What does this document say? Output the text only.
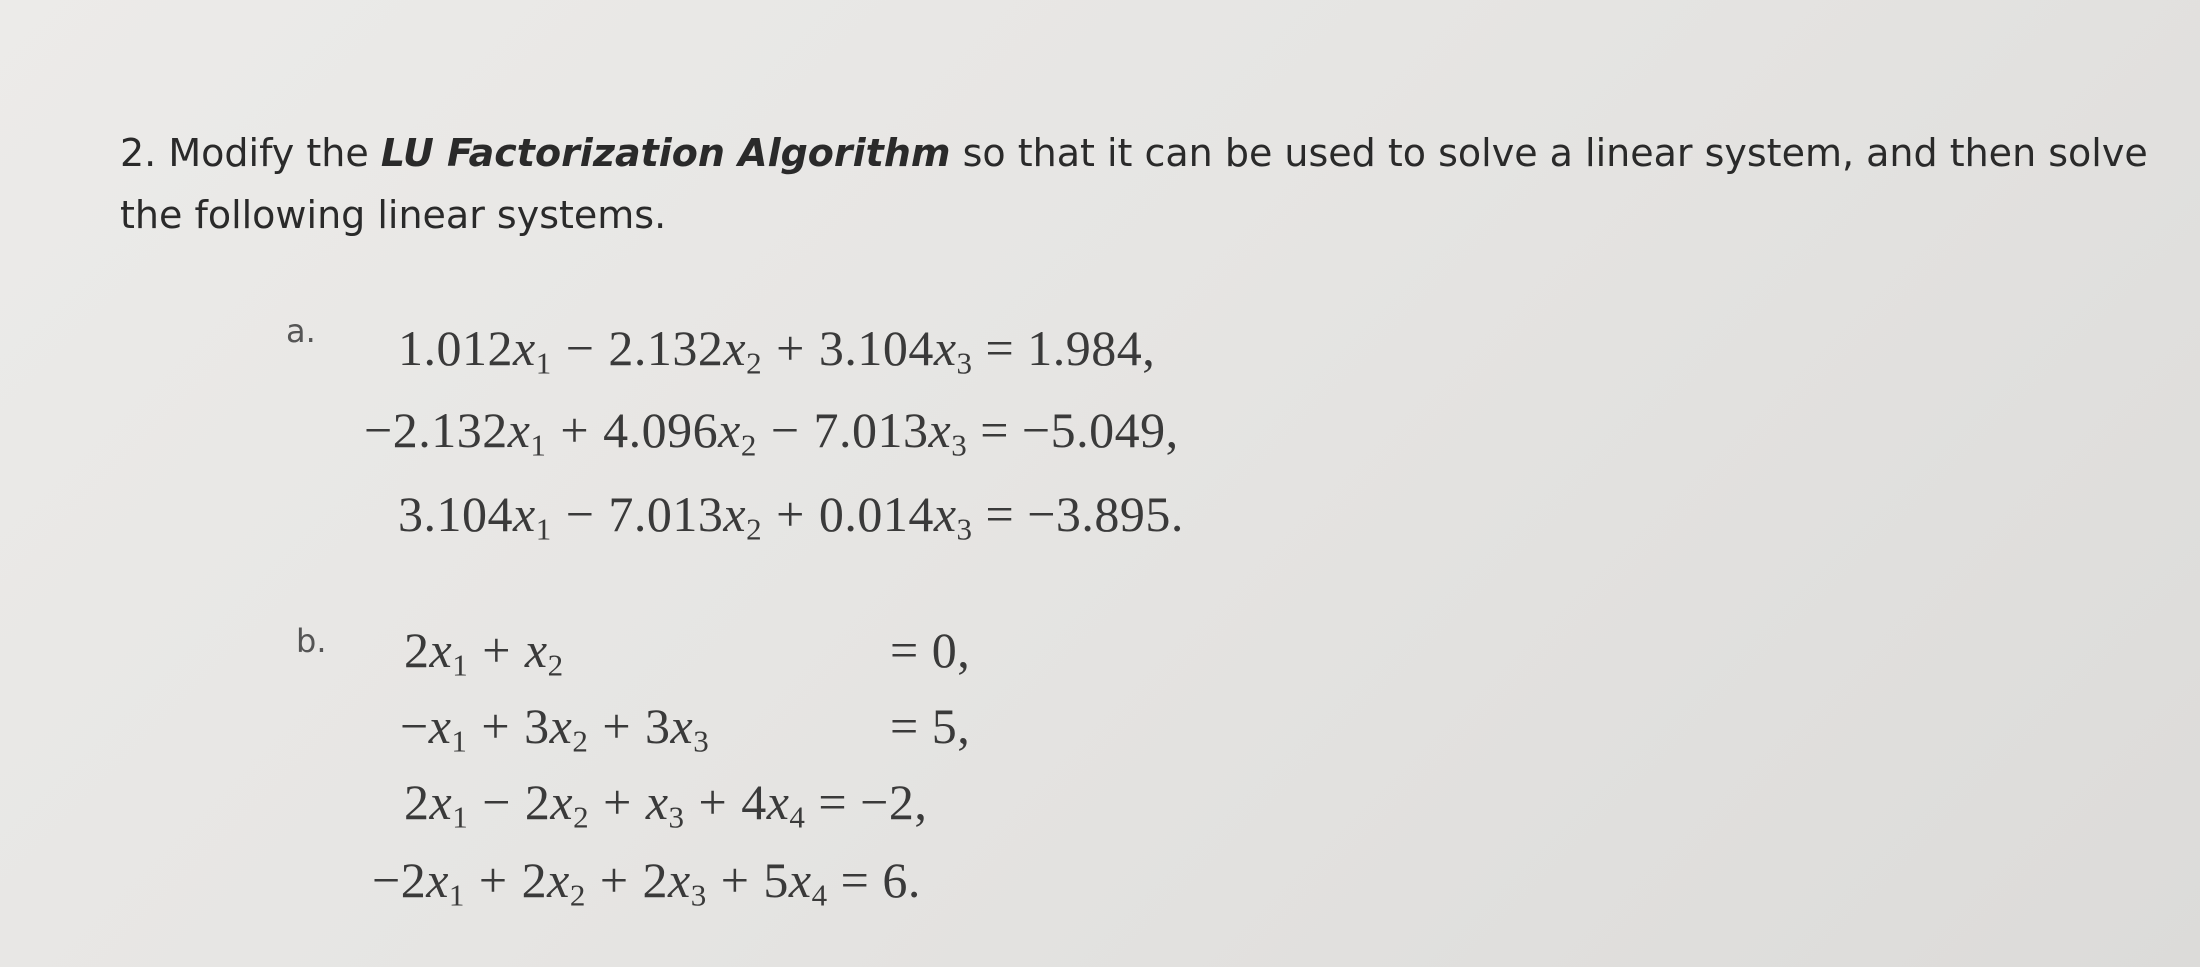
2. Modify the LU Factorization Algorithm so that it can be used to solve a linear system, and then solve the following linear systems.
a. $1.012x_1 - 2.132x_2 + 3.104x_3 = 1.984$,
$-2.132x_1 + 4.096x_2 - 7.013x_3 = -5.049$,
$3.104x_1 - 7.013x_2 + 0.014x_3 = -3.895$.
b. $2x_1 + x_2$	= 0,
$-x_1 + 3x_2 + 3x_3$	= 5,
$2x_1 - 2x_2 + x_3 + 4x_4 = -2$,
$-2x_1 + 2x_2 + 2x_3 + 5x_4 = 6$.
